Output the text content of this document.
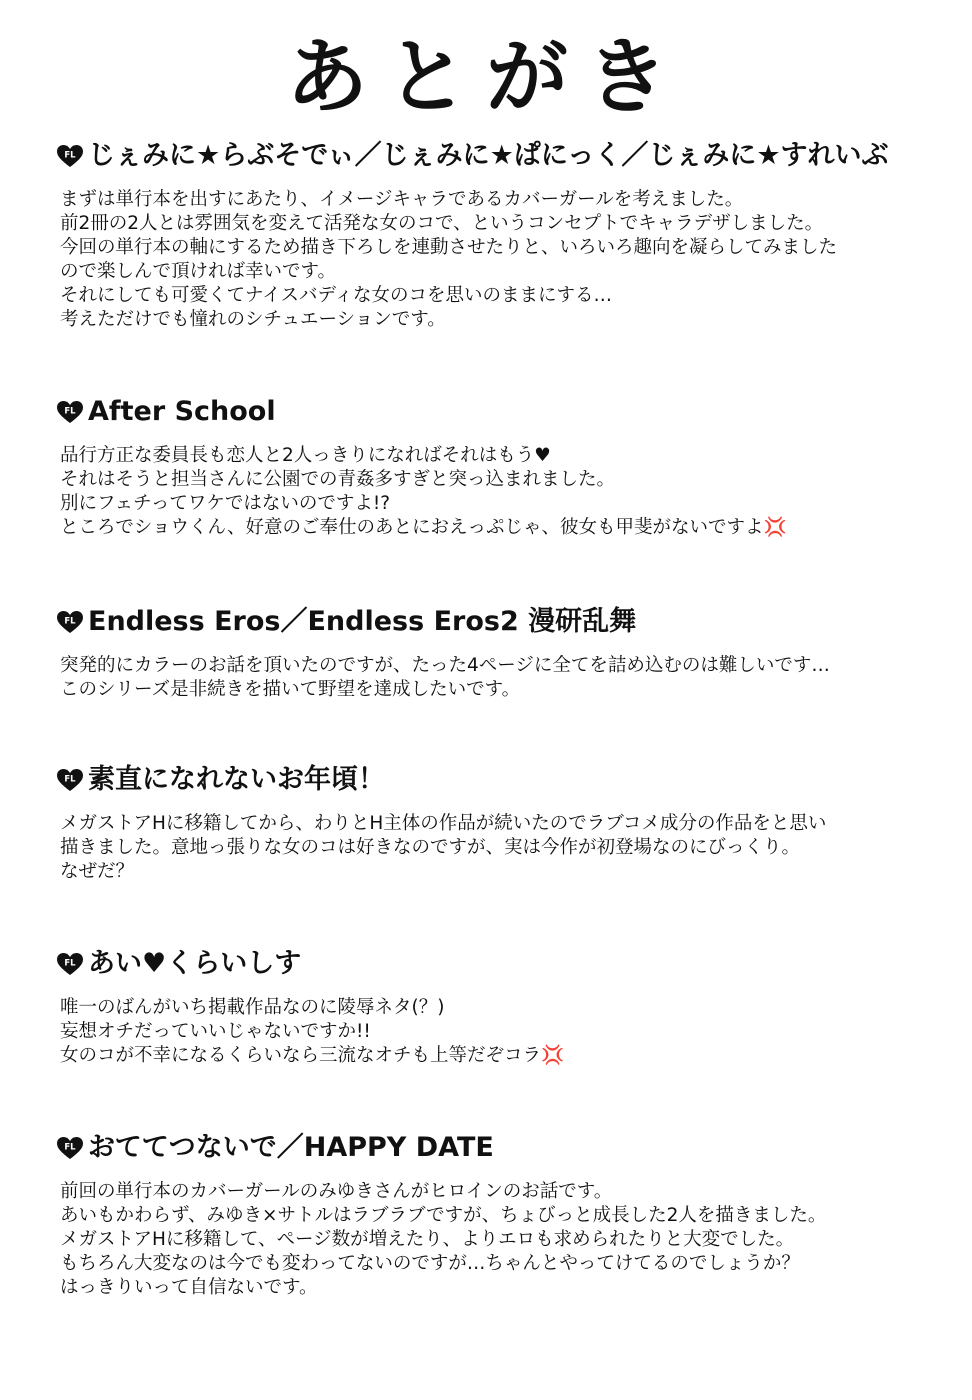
あとがき
FL じぇみに★らぶそでぃ／じぇみに★ぱにっく／じぇみに★すれいぶ
まずは単行本を出すにあたり、イメージキャラであるカバーガールを考えました。
前2冊の2人とは雰囲気を変えて活発な女のコで、というコンセプトでキャラデザしました。
今回の単行本の軸にするため描き下ろしを連動させたりと、いろいろ趣向を凝らしてみました
ので楽しんで頂ければ幸いです。
それにしても可愛くてナイスバディな女のコを思いのままにする…
考えただけでも憧れのシチュエーションです。
FL After School
品行方正な委員長も恋人と2人っきりになればそれはもう♥
それはそうと担当さんに公園での青姦多すぎと突っ込まれました。
別にフェチってワケではないのですよ!?
ところでショウくん、好意のご奉仕のあとにおえっぷじゃ、彼女も甲斐がないですよ💢
FL Endless Eros／Endless Eros2 漫研乱舞
突発的にカラーのお話を頂いたのですが、たった4ページに全てを詰め込むのは難しいです…
このシリーズ是非続きを描いて野望を達成したいです。
FL 素直になれないお年頃！
メガストアHに移籍してから、わりとH主体の作品が続いたのでラブコメ成分の作品をと思い
描きました。意地っ張りな女のコは好きなのですが、実は今作が初登場なのにびっくり。
なぜだ？
FL あい♥くらいしす
唯一のばんがいち掲載作品なのに陵辱ネタ(？)
妄想オチだっていいじゃないですか!!
女のコが不幸になるくらいなら三流なオチも上等だぞコラ💢
FL おててつないで／HAPPY DATE
前回の単行本のカバーガールのみゆきさんがヒロインのお話です。
あいもかわらず、みゆき×サトルはラブラブですが、ちょびっと成長した2人を描きました。
メガストアHに移籍して、ページ数が増えたり、よりエロも求められたりと大変でした。
もちろん大変なのは今でも変わってないのですが…ちゃんとやってけてるのでしょうか？
はっきりいって自信ないです。
